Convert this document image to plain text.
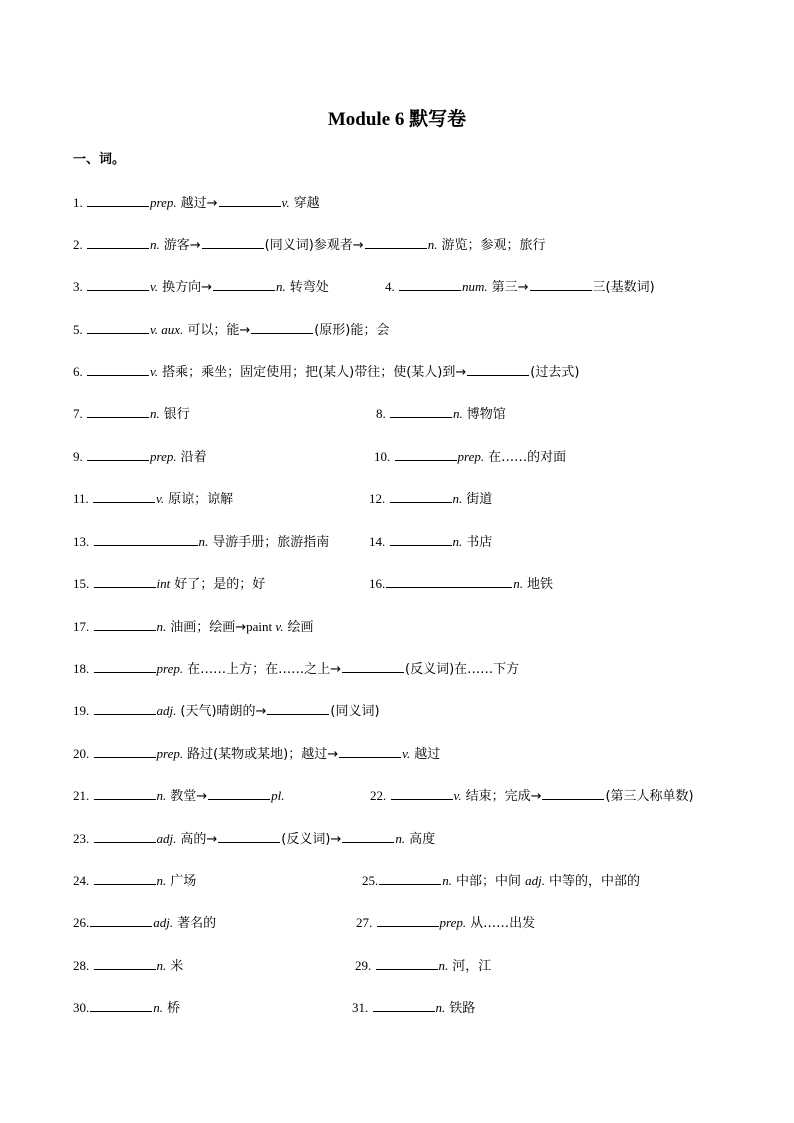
Module 6 默写卷
一、词。
1.	prep. 越过→	v. 穿越
2.	n. 游客→	(同义词)参观者→	n. 游览；参观；旅行
3.	v. 换方向→	n. 转弯处	4.	num. 第三→	三(基数词)
5.	v. aux. 可以；能→	(原形)能；会
6.	v. 搭乘；乘坐；固定使用；把(某人)带往；使(某人)到→	(过去式)
7.	n. 银行	8.	n. 博物馆
9.	prep. 沿着	10.	prep. 在……的对面
11.	v. 原谅；谅解	12.	n. 街道
13.	n. 导游手册；旅游指南	14.	n. 书店
15.	int 好了；是的；好	16.	n. 地铁
17.	n. 油画；绘画→paint v. 绘画
18.	prep. 在……上方；在……之上→	(反义词)在……下方
19.	adj. (天气)晴朗的→	(同义词)
20.	prep. 路过(某物或某地)；越过→	v. 越过
21.	n. 教堂→	pl.	22.	v. 结束；完成→	(第三人称单数)
23.	adj. 高的→	(反义词)→	n. 高度
24.	n. 广场	25.	n. 中部；中间 adj. 中等的，中部的
26.	adj. 著名的	27.	prep. 从……出发
28.	n. 米	29.	n. 河，江
30.	n. 桥	31.	n. 铁路
